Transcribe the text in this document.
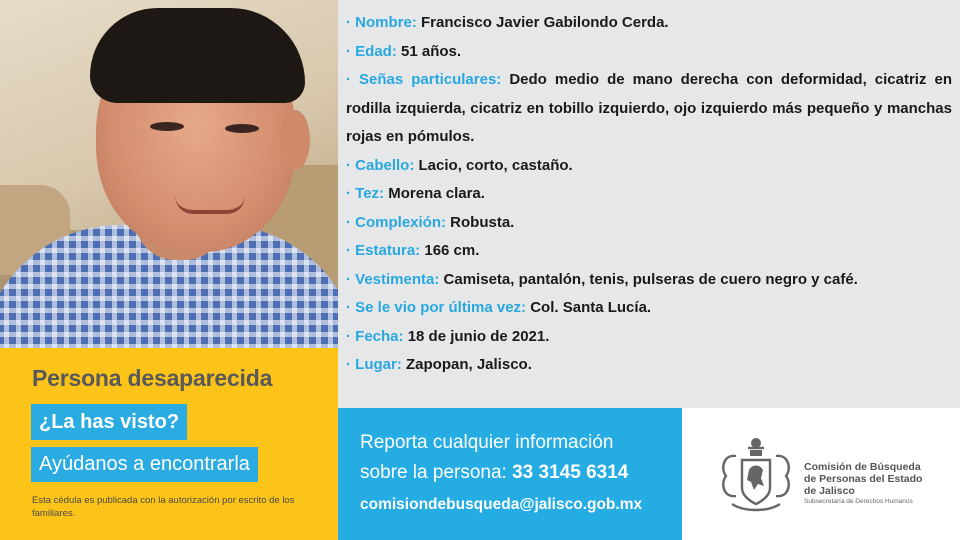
· Nombre: Francisco Javier Gabilondo Cerda.
· Edad: 51 años.
· Señas particulares: Dedo medio de mano derecha con deformidad, cicatriz en rodilla izquierda, cicatriz en tobillo izquierdo, ojo izquierdo más pequeño y manchas rojas en pómulos.
· Cabello: Lacio, corto, castaño.
· Tez: Morena clara.
· Complexión: Robusta.
· Estatura: 166 cm.
· Vestimenta: Camiseta, pantalón, tenis, pulseras de cuero negro y café.
· Se le vio por última vez: Col. Santa Lucía.
· Fecha: 18 de junio de 2021.
· Lugar: Zapopan, Jalisco.
Persona desaparecida
¿La has visto?
Ayúdanos a encontrarla
Esta cédula es publicada con la autorización por escrito de los familiares.
Reporta cualquier información
sobre la persona: 33 3145 6314
comisiondebusqueda@jalisco.gob.mx
Comisión de Búsqueda
de Personas del Estado
de Jalisco
Subsecretaría de Derechos Humanos
